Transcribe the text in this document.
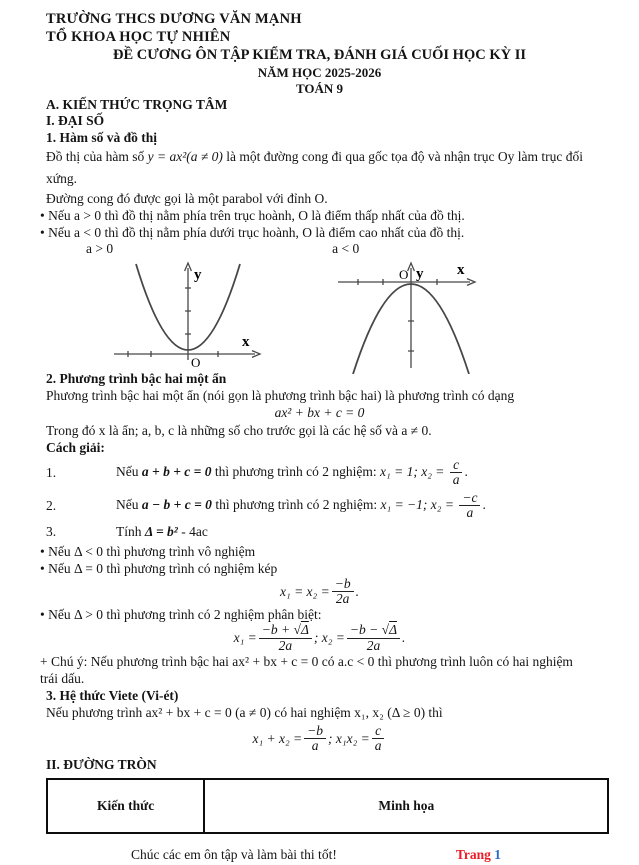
TRƯỜNG THCS DƯƠNG VĂN MẠNH
TỔ KHOA HỌC TỰ NHIÊN
ĐỀ CƯƠNG ÔN TẬP KIỂM TRA, ĐÁNH GIÁ CUỐI HỌC KỲ II
NĂM HỌC 2025-2026
TOÁN 9
A. KIẾN THỨC TRỌNG TÂM
I. ĐẠI SỐ
1. Hàm số và đồ thị

Đồ thị của hàm số y = ax²(a ≠ 0) là một đường cong đi qua gốc tọa độ và nhận trục Oy làm trục đối xứng.

Đường cong đó được gọi là một parabol với đỉnh O.

• Nếu a > 0 thì đồ thị nằm phía trên trục hoành, O là điểm thấp nhất của đồ thị.

• Nếu a < 0 thì đồ thị nằm phía dưới trục hoành, O là điểm cao nhất của đồ thị.

a > 0	a < 0
y
x
O
y x
O
2. Phương trình bậc hai một ẩn

Phương trình bậc hai một ẩn (nói gọn là phương trình bậc hai) là phương trình có dạng

ax² + bx + c = 0

Trong đó x là ẩn; a, b, c là những số cho trước gọi là các hệ số và a ≠ 0.

Cách giải:
1.	Nếu a + b + c = 0 thì phương trình có 2 nghiệm: x₁ = 1; $x_2 = \frac{c}{a}$ .
2.	Nếu a − b + c = 0 thì phương trình có 2 nghiệm: x₁ = −1; $x_2 = \frac{-c}{a}$ .
3.	Tính Δ = b² - 4ac

• Nếu Δ < 0 thì phương trình vô nghiệm

• Nếu Δ = 0 thì phương trình có nghiệm kép

$x_1 = x_2 = \frac{-b}{2a}$ .

• Nếu Δ > 0 thì phương trình có 2 nghiệm phân biệt:

$x_1 = \frac{-b + √\Delta}{2a}$ ; $x_2 = \frac{-b - √\Delta}{2a}$ .

+ Chú ý: Nếu phương trình bậc hai ax² + bx + c = 0 có a.c < 0 thì phương trình luôn có hai nghiệm trái dấu.

3. Hệ thức Viete (Vi-ét)

Nếu phương trình ax² + bx + c = 0 (a ≠ 0) có hai nghiệm x₁, x₂ (Δ ≥ 0) thì

$x_1 + x_2 = \frac{-b}{a}$ ; $x_1x_2 = \frac{c}{a}$
II. ĐƯỜNG TRÒN
Kiến thức	Minh họa
Chúc các em ôn tập và làm bài thi tốt!	Trang 1
